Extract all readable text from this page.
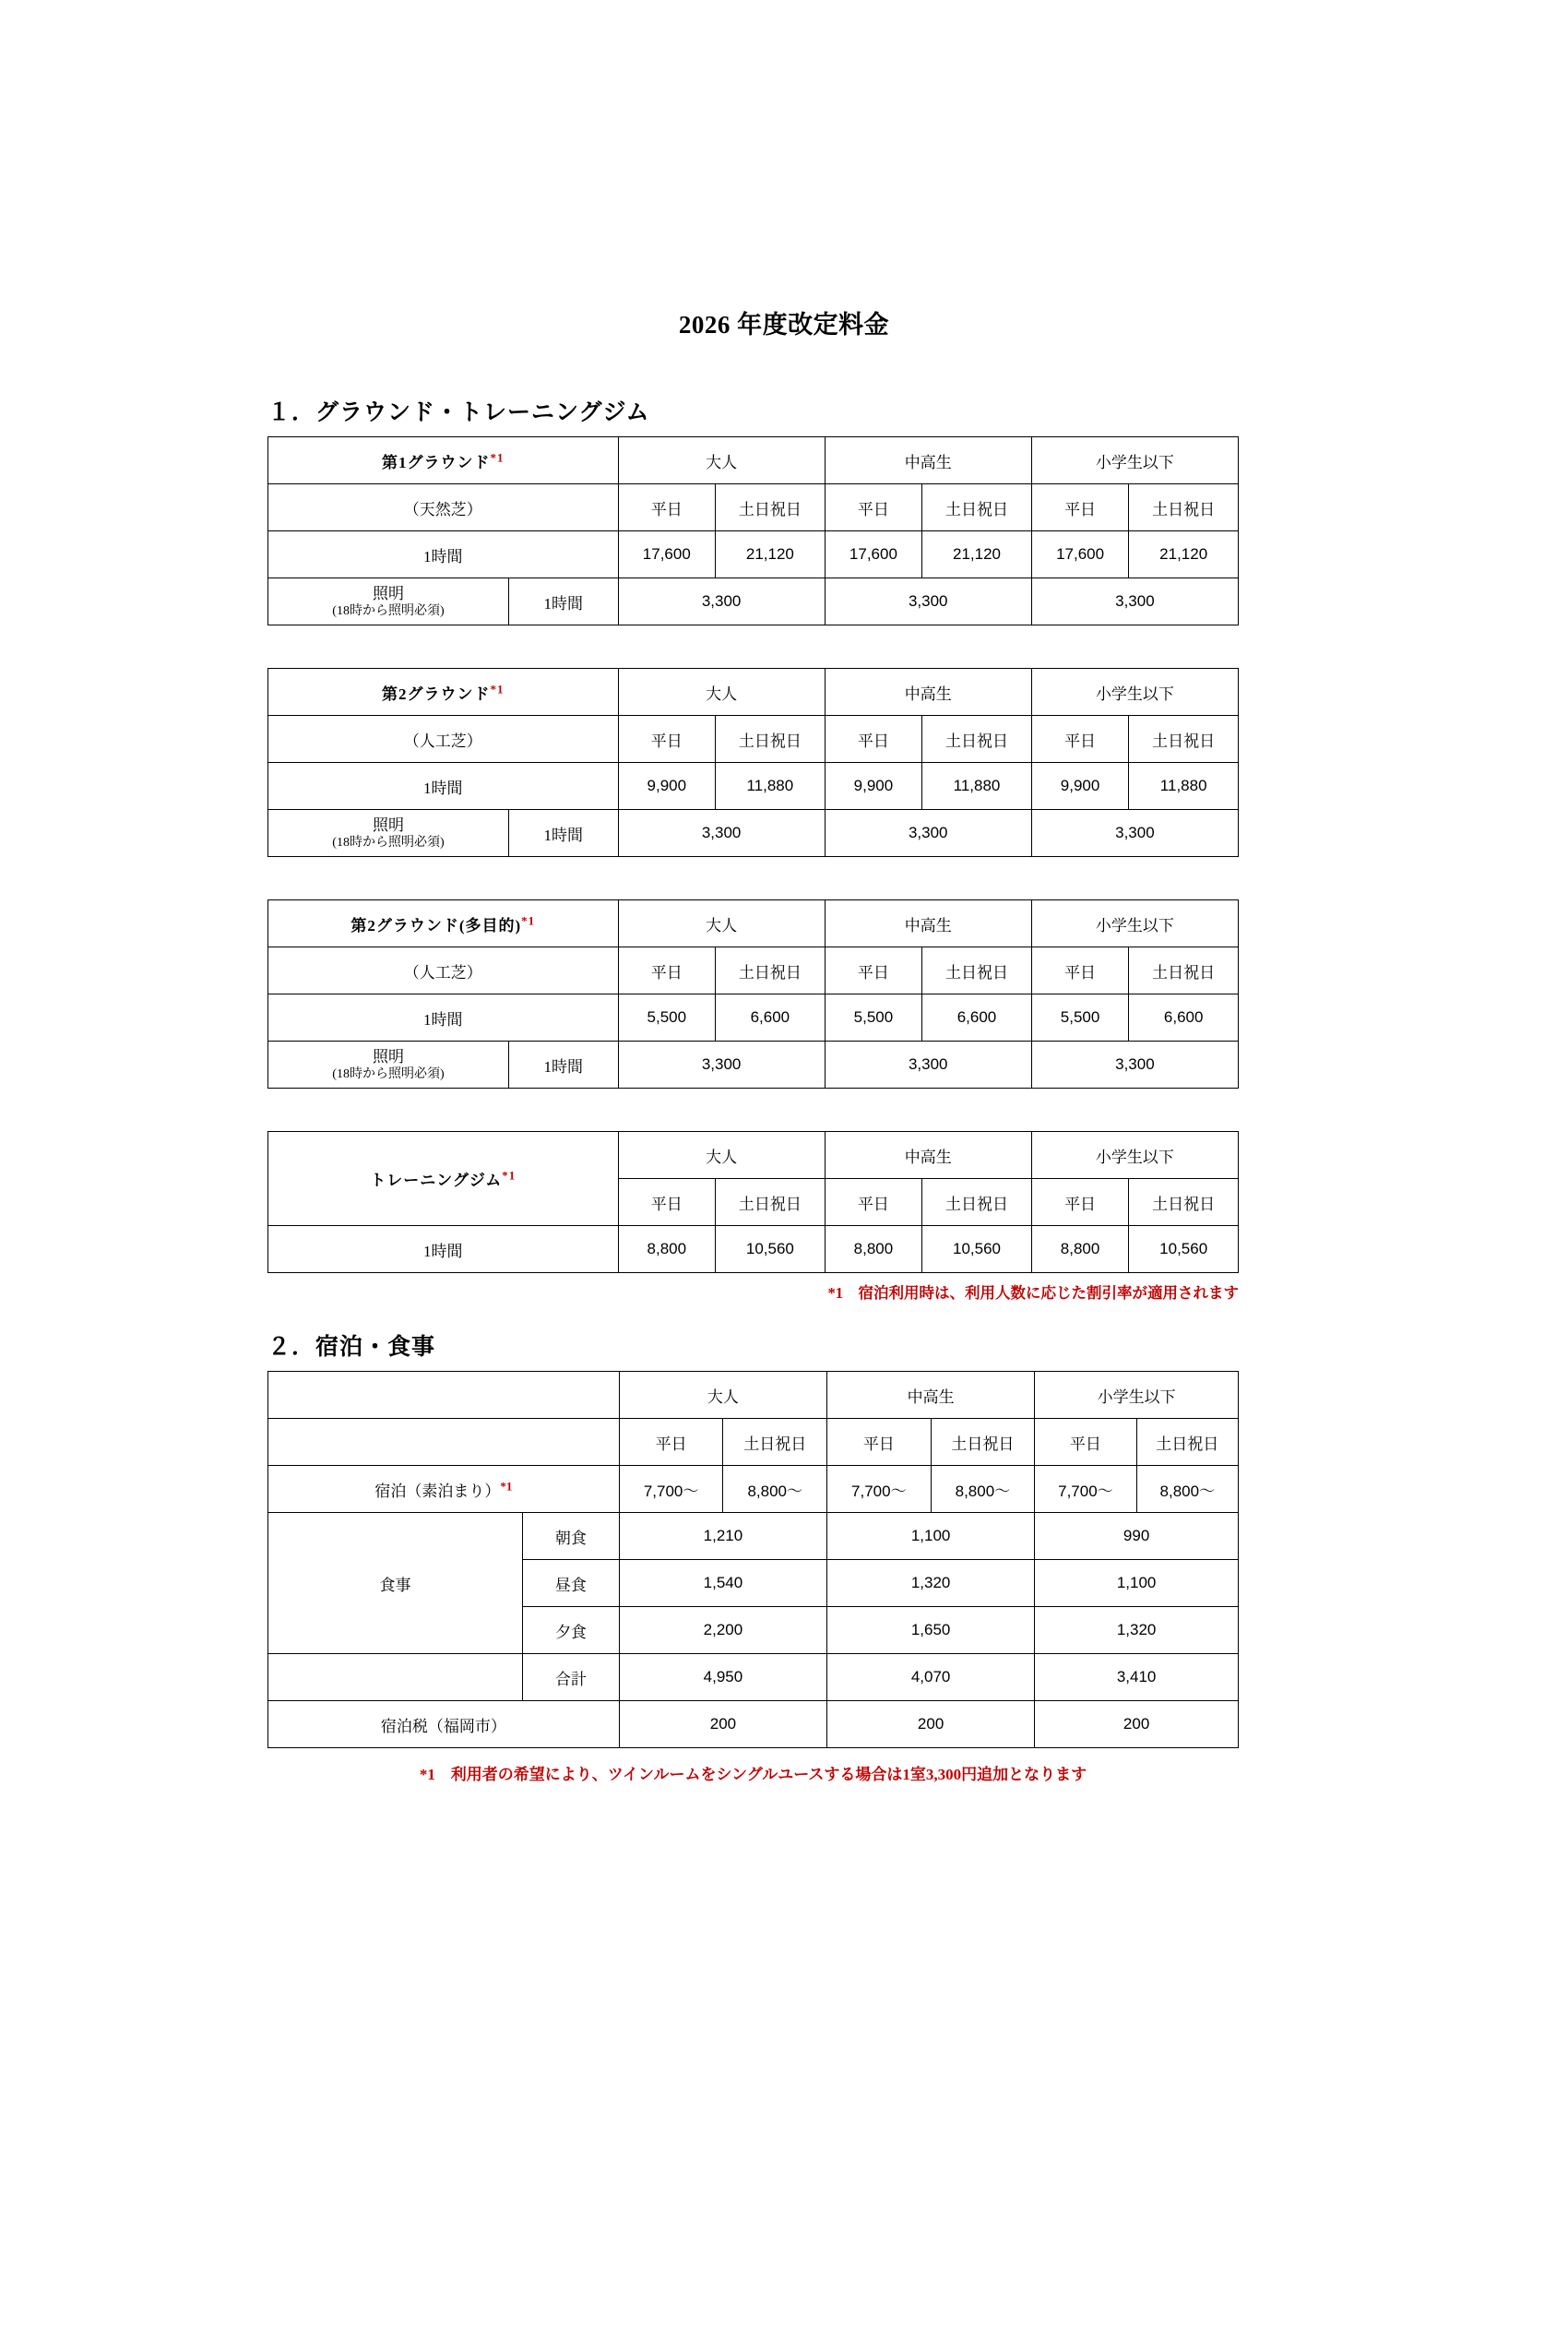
2026 年度改定料金
１．グラウンド・トレーニングジム
第1グラウンド$^{*1}$		大人		中高生		小学生以下	
（天然芝）		平日	土日祝日	平日	土日祝日	平日	土日祝日
1時間		17,600	21,120	17,600	21,120	17,600	21,120

照明
(18時から照明必須)	1時間	3,300		3,300		3,300	
第2グラウンド$^{*1}$		大人		中高生		小学生以下	
（人工芝）		平日	土日祝日	平日	土日祝日	平日	土日祝日
1時間		9,900	11,880	9,900	11,880	9,900	11,880

照明
(18時から照明必須)	1時間	3,300		3,300		3,300	
第2グラウンド(多目的)$^{*1}$		大人		中高生		小学生以下	
（人工芝）		平日	土日祝日	平日	土日祝日	平日	土日祝日
1時間		5,500	6,600	5,500	6,600	5,500	6,600

照明
(18時から照明必須)	1時間	3,300		3,300		3,300	
トレーニングジム$^{*1}$	大人		中高生		小学生以下	
	平日	土日祝日	平日	土日祝日	平日	土日祝日
1時間	8,800	10,560	8,800	10,560	8,800	10,560
*1　宿泊利用時は、利用人数に応じた割引率が適用されます
２．宿泊・食事
		大人		中高生		小学生以下	
		平日	土日祝日	平日	土日祝日	平日	土日祝日
宿泊（素泊まり）$^{*1}$		7,700〜	8,800〜	7,700〜	8,800〜	7,700〜	8,800〜
食事	朝食	1,210		1,100		990	
	昼食	1,540		1,320		1,100	
	夕食	2,200		1,650		1,320	
	合計	4,950		4,070		3,410	
宿泊税（福岡市）		200		200		200	
*1　利用者の希望により、ツインルームをシングルユースする場合は1室3,300円追加となります
